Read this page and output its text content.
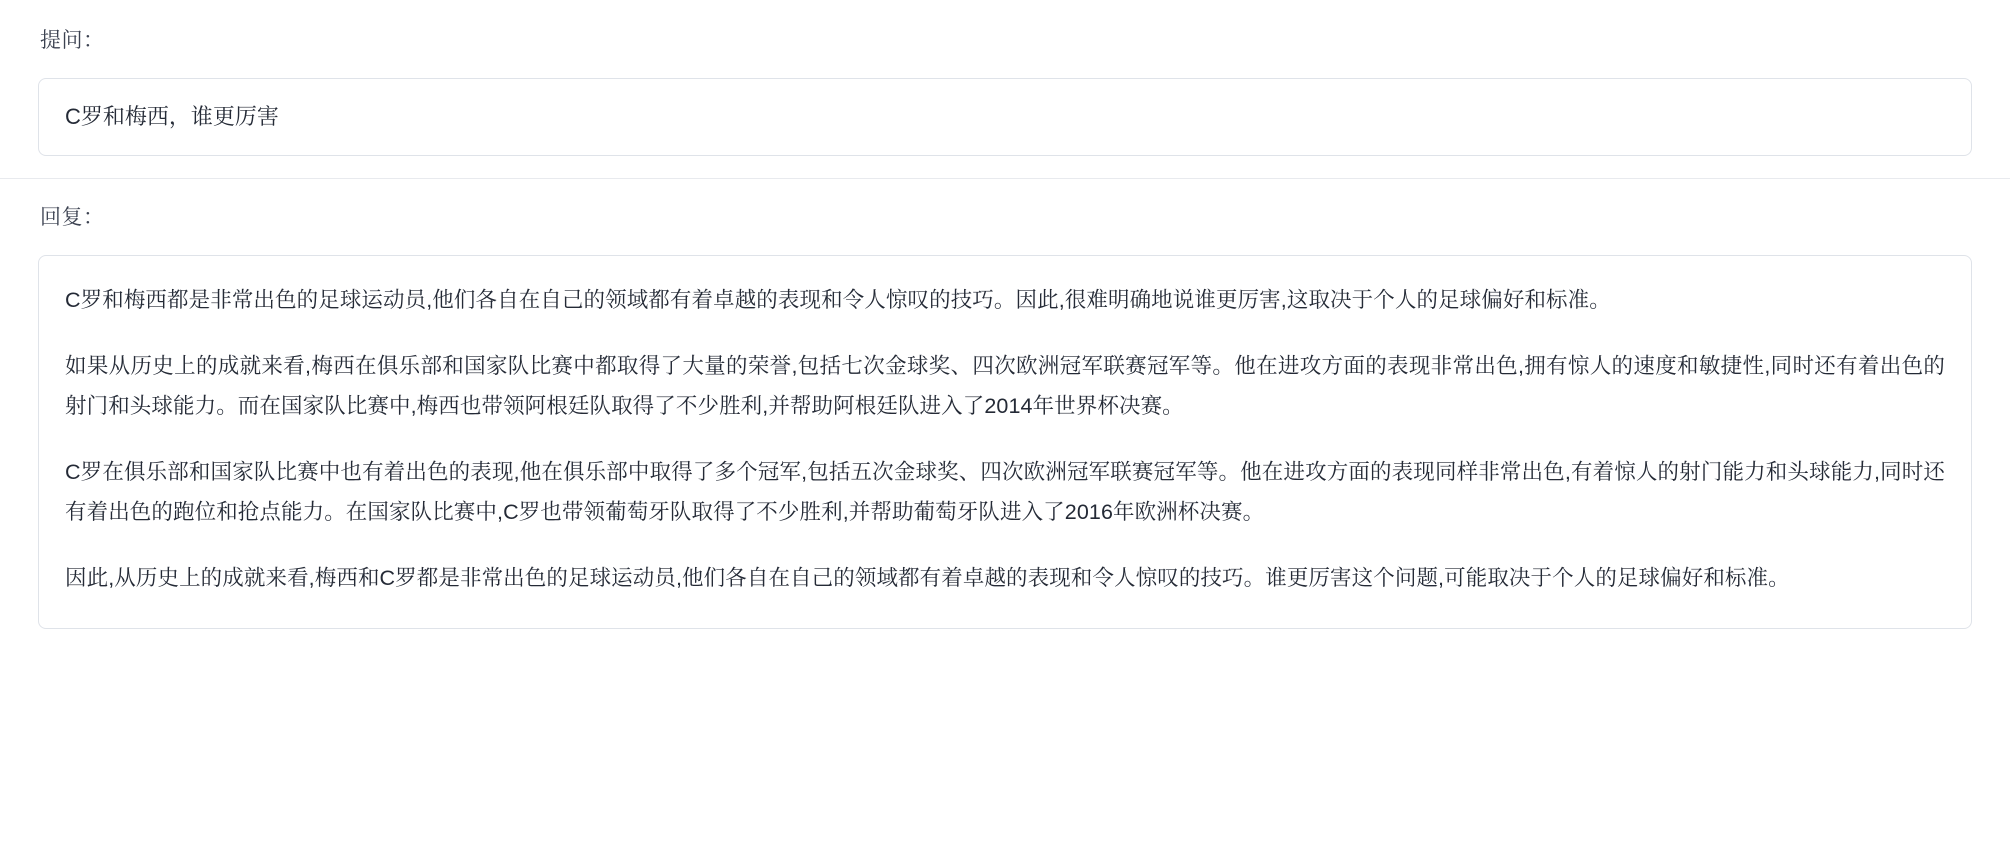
提问：
C罗和梅西，谁更厉害
回复：

C罗和梅西都是非常出色的足球运动员,他们各自在自己的领域都有着卓越的表现和令人惊叹的技巧。因此,很难明确地说谁更厉害,这取决于个人的足球偏好和标准。

如果从历史上的成就来看,梅西在俱乐部和国家队比赛中都取得了大量的荣誉,包括七次金球奖、四次欧洲冠军联赛冠军等。他在进攻方面的表现非常出色,拥有惊人的速度和敏捷性,同时还有着出色的射门和头球能力。而在国家队比赛中,梅西也带领阿根廷队取得了不少胜利,并帮助阿根廷队进入了2014年世界杯决赛。

C罗在俱乐部和国家队比赛中也有着出色的表现,他在俱乐部中取得了多个冠军,包括五次金球奖、四次欧洲冠军联赛冠军等。他在进攻方面的表现同样非常出色,有着惊人的射门能力和头球能力,同时还有着出色的跑位和抢点能力。在国家队比赛中,C罗也带领葡萄牙队取得了不少胜利,并帮助葡萄牙队进入了2016年欧洲杯决赛。

因此,从历史上的成就来看,梅西和C罗都是非常出色的足球运动员,他们各自在自己的领域都有着卓越的表现和令人惊叹的技巧。谁更厉害这个问题,可能取决于个人的足球偏好和标准。
